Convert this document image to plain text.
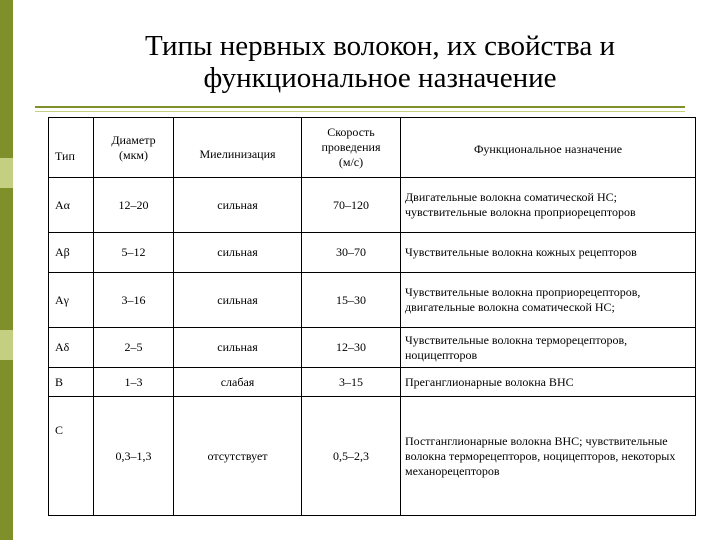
Типы нервных волокон, их свойства и функциональное назначение
Тип	Диаметр (мкм)	Миелинизация	Скорость проведения (м/с)	Функциональное назначение
Aα	12–20	сильная	70–120	Двигательные волокна соматической НС; чувствительные волокна проприорецепторов
Aβ	5–12	сильная	30–70	Чувствительные волокна кожных рецепторов
Aγ	3–16	сильная	15–30	Чувствительные волокна проприорецепторов, двигательные волокна соматической НС;
Aδ	2–5	сильная	12–30	Чувствительные волокна терморецепторов, ноцицепторов
B	1–3	слабая	3–15	Преганглионарные волокна ВНС
C	0,3–1,3	отсутствует	0,5–2,3	Постганглионарные волокна ВНС; чувствительные волокна терморецепторов, ноцицепторов, некоторых механорецепторов
